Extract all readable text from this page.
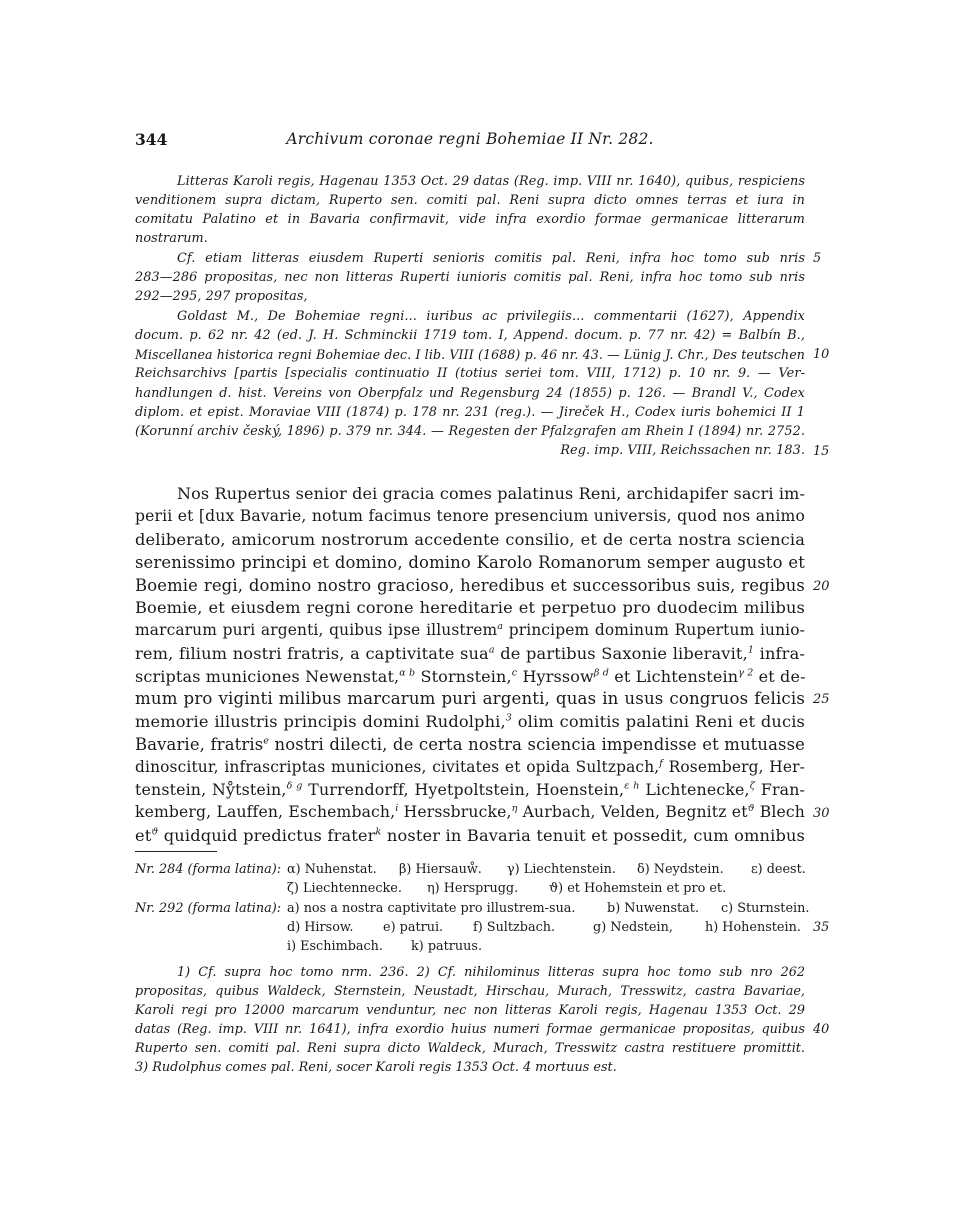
344	Archivum coronae regni Bohemiae II Nr. 282.
Litteras Karoli regis, Hagenau 1353 Oct. 29 datas (Reg. imp. VIII nr. 1640), quibus, respiciens
venditionem supra dictam, Ruperto sen. comiti pal. Reni supra dicto omnes terras et iura in
comitatu Palatino et in Bavaria confirmavit, vide infra exordio formae germanicae litterarum
nostrarum.
Cf. etiam litteras eiusdem Ruperti senioris comitis pal. Reni, infra hoc tomo sub nris
283—286 propositas, nec non litteras Ruperti iunioris comitis pal. Reni, infra hoc tomo sub nris
292—295, 297 propositas,
Goldast M., De Bohemiae regni... iuribus ac privilegiis... commentarii (1627), Appendix
docum. p. 62 nr. 42 (ed. J. H. Schminckii 1719 tom. I, Append. docum. p. 77 nr. 42) = Balbín B.,
Miscellanea historica regni Bohemiae dec. I lib. VIII (1688) p. 46 nr. 43. — Lünig J. Chr., Des teutschen
Reichsarchivs [partis [specialis continuatio II (totius seriei tom. VIII, 1712) p. 10 nr. 9. — Ver-
handlungen d. hist. Vereins von Oberpfalz und Regensburg 24 (1855) p. 126. — Brandl V., Codex
diplom. et epist. Moraviae VIII (1874) p. 178 nr. 231 (reg.). — Jireček H., Codex iuris bohemici II 1
(Korunní archiv český, 1896) p. 379 nr. 344. — Regesten der Pfalzgrafen am Rhein I (1894) nr. 2752.
Reg. imp. VIII, Reichssachen nr. 183.
5
10
15
Nos Rupertus senior dei gracia comes palatinus Reni, archidapifer sacri im-
perii et [dux Bavarie, notum facimus tenore presencium universis, quod nos animo
deliberato, amicorum nostrorum accedente consilio, et de certa nostra sciencia
serenissimo principi et domino, domino Karolo Romanorum semper augusto et
Boemie regi, domino nostro gracioso, heredibus et successoribus suis, regibus
Boemie, et eiusdem regni corone hereditarie et perpetuo pro duodecim milibus
marcarum puri argenti, quibus ipse illustrem$^a$ principem dominum Rupertum iunio-
rem, filium nostri fratris, a captivitate sua$^a$ de partibus Saxonie liberavit,$^1$ infra-
scriptas municiones Newenstat,$^{\alpha b}$ Stornstein,$^c$ Hyrssow$^{\beta d}$ et Lichtenstein$^{\gamma 2}$ et de-
mum pro viginti milibus marcarum puri argenti, quas in usus congruos felicis
memorie illustris principis domini Rudolphi,$^3$ olim comitis palatini Reni et ducis
Bavarie, fratris$^e$ nostri dilecti, de certa nostra sciencia impendisse et mutuasse
dinoscitur, infrascriptas municiones, civitates et opida Sultzpach,$^f$ Rosemberg, Her-
tenstein, Nẙtstein,$^{\delta g}$ Turrendorff, Hyetpoltstein, Hoenstein,$^{\varepsilon h}$ Lichtenecke,$^\zeta$ Fran-
kemberg, Lauffen, Eschembach,$^i$ Herssbrucke,$^\eta$ Aurbach, Velden, Begnitz $et^ϑ$ Blech
$et^ϑ$ quidquid predictus frater$^k$ noster in Bavaria tenuit et possedit, cum omnibus
20
25
30
Nr. 284 (forma latina): α) Nuhenstat. β) Hiersauẘ. γ) Liechtenstein. δ) Neydstein. ε) deest.
ζ) Liechtennecke. η) Hersprugg. ϑ) et Hohemstein et pro et.
Nr. 292 (forma latina): a) nos a nostra captivitate pro illustrem-sua. b) Nuwenstat. c) Sturnstein.
d) Hirsow. e) patrui. f) Sultzbach.	g) Nedstein,	h) Hohenstein.
i) Eschimbach. k) patruus.
35
1) Cf. supra hoc tomo nrm. 236. 2) Cf. nihilominus litteras supra hoc tomo sub nro 262
propositas, quibus Waldeck, Sternstein, Neustadt, Hirschau, Murach, Tresswitz, castra Bavariae,
Karoli regi pro 12000 marcarum venduntur, nec non litteras Karoli regis, Hagenau 1353 Oct. 29
datas (Reg. imp. VIII nr. 1641), infra exordio huius numeri formae germanicae propositas, quibus
Ruperto sen. comiti pal. Reni supra dicto Waldeck, Murach, Tresswitz castra restituere promittit.
3) Rudolphus comes pal. Reni, socer Karoli regis 1353 Oct. 4 mortuus est.
40
